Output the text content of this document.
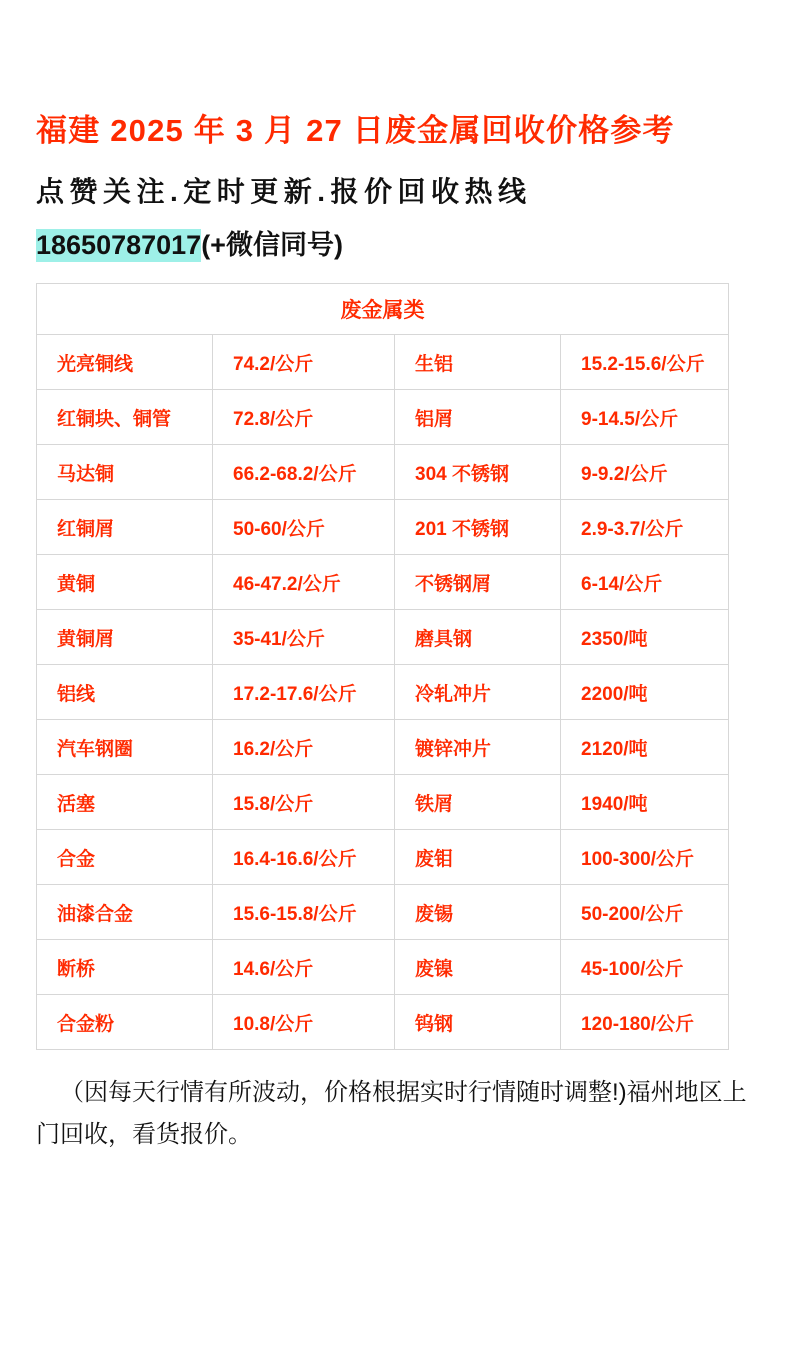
福建 2025 年 3 月 27 日废金属回收价格参考
点赞关注.定时更新.报价回收热线

18650787017(+微信同号)

废金属类			
光亮铜线	74.2/公斤	生铝	15.2-15.6/公斤
红铜块、铜管	72.8/公斤	铝屑	9-14.5/公斤
马达铜	66.2-68.2/公斤	304 不锈钢	9-9.2/公斤
红铜屑	50-60/公斤	201 不锈钢	2.9-3.7/公斤
黄铜	46-47.2/公斤	不锈钢屑	6-14/公斤
黄铜屑	35-41/公斤	磨具钢	2350/吨
铝线	17.2-17.6/公斤	冷轧冲片	2200/吨
汽车钢圈	16.2/公斤	镀锌冲片	2120/吨
活塞	15.8/公斤	铁屑	1940/吨
合金	16.4-16.6/公斤	废钼	100-300/公斤
油漆合金	15.6-15.8/公斤	废锡	50-200/公斤
断桥	14.6/公斤	废镍	45-100/公斤
合金粉	10.8/公斤	钨钢	120-180/公斤

（因每天行情有所波动，价格根据实时行情随时调整!)福州地区上门回收，看货报价。
